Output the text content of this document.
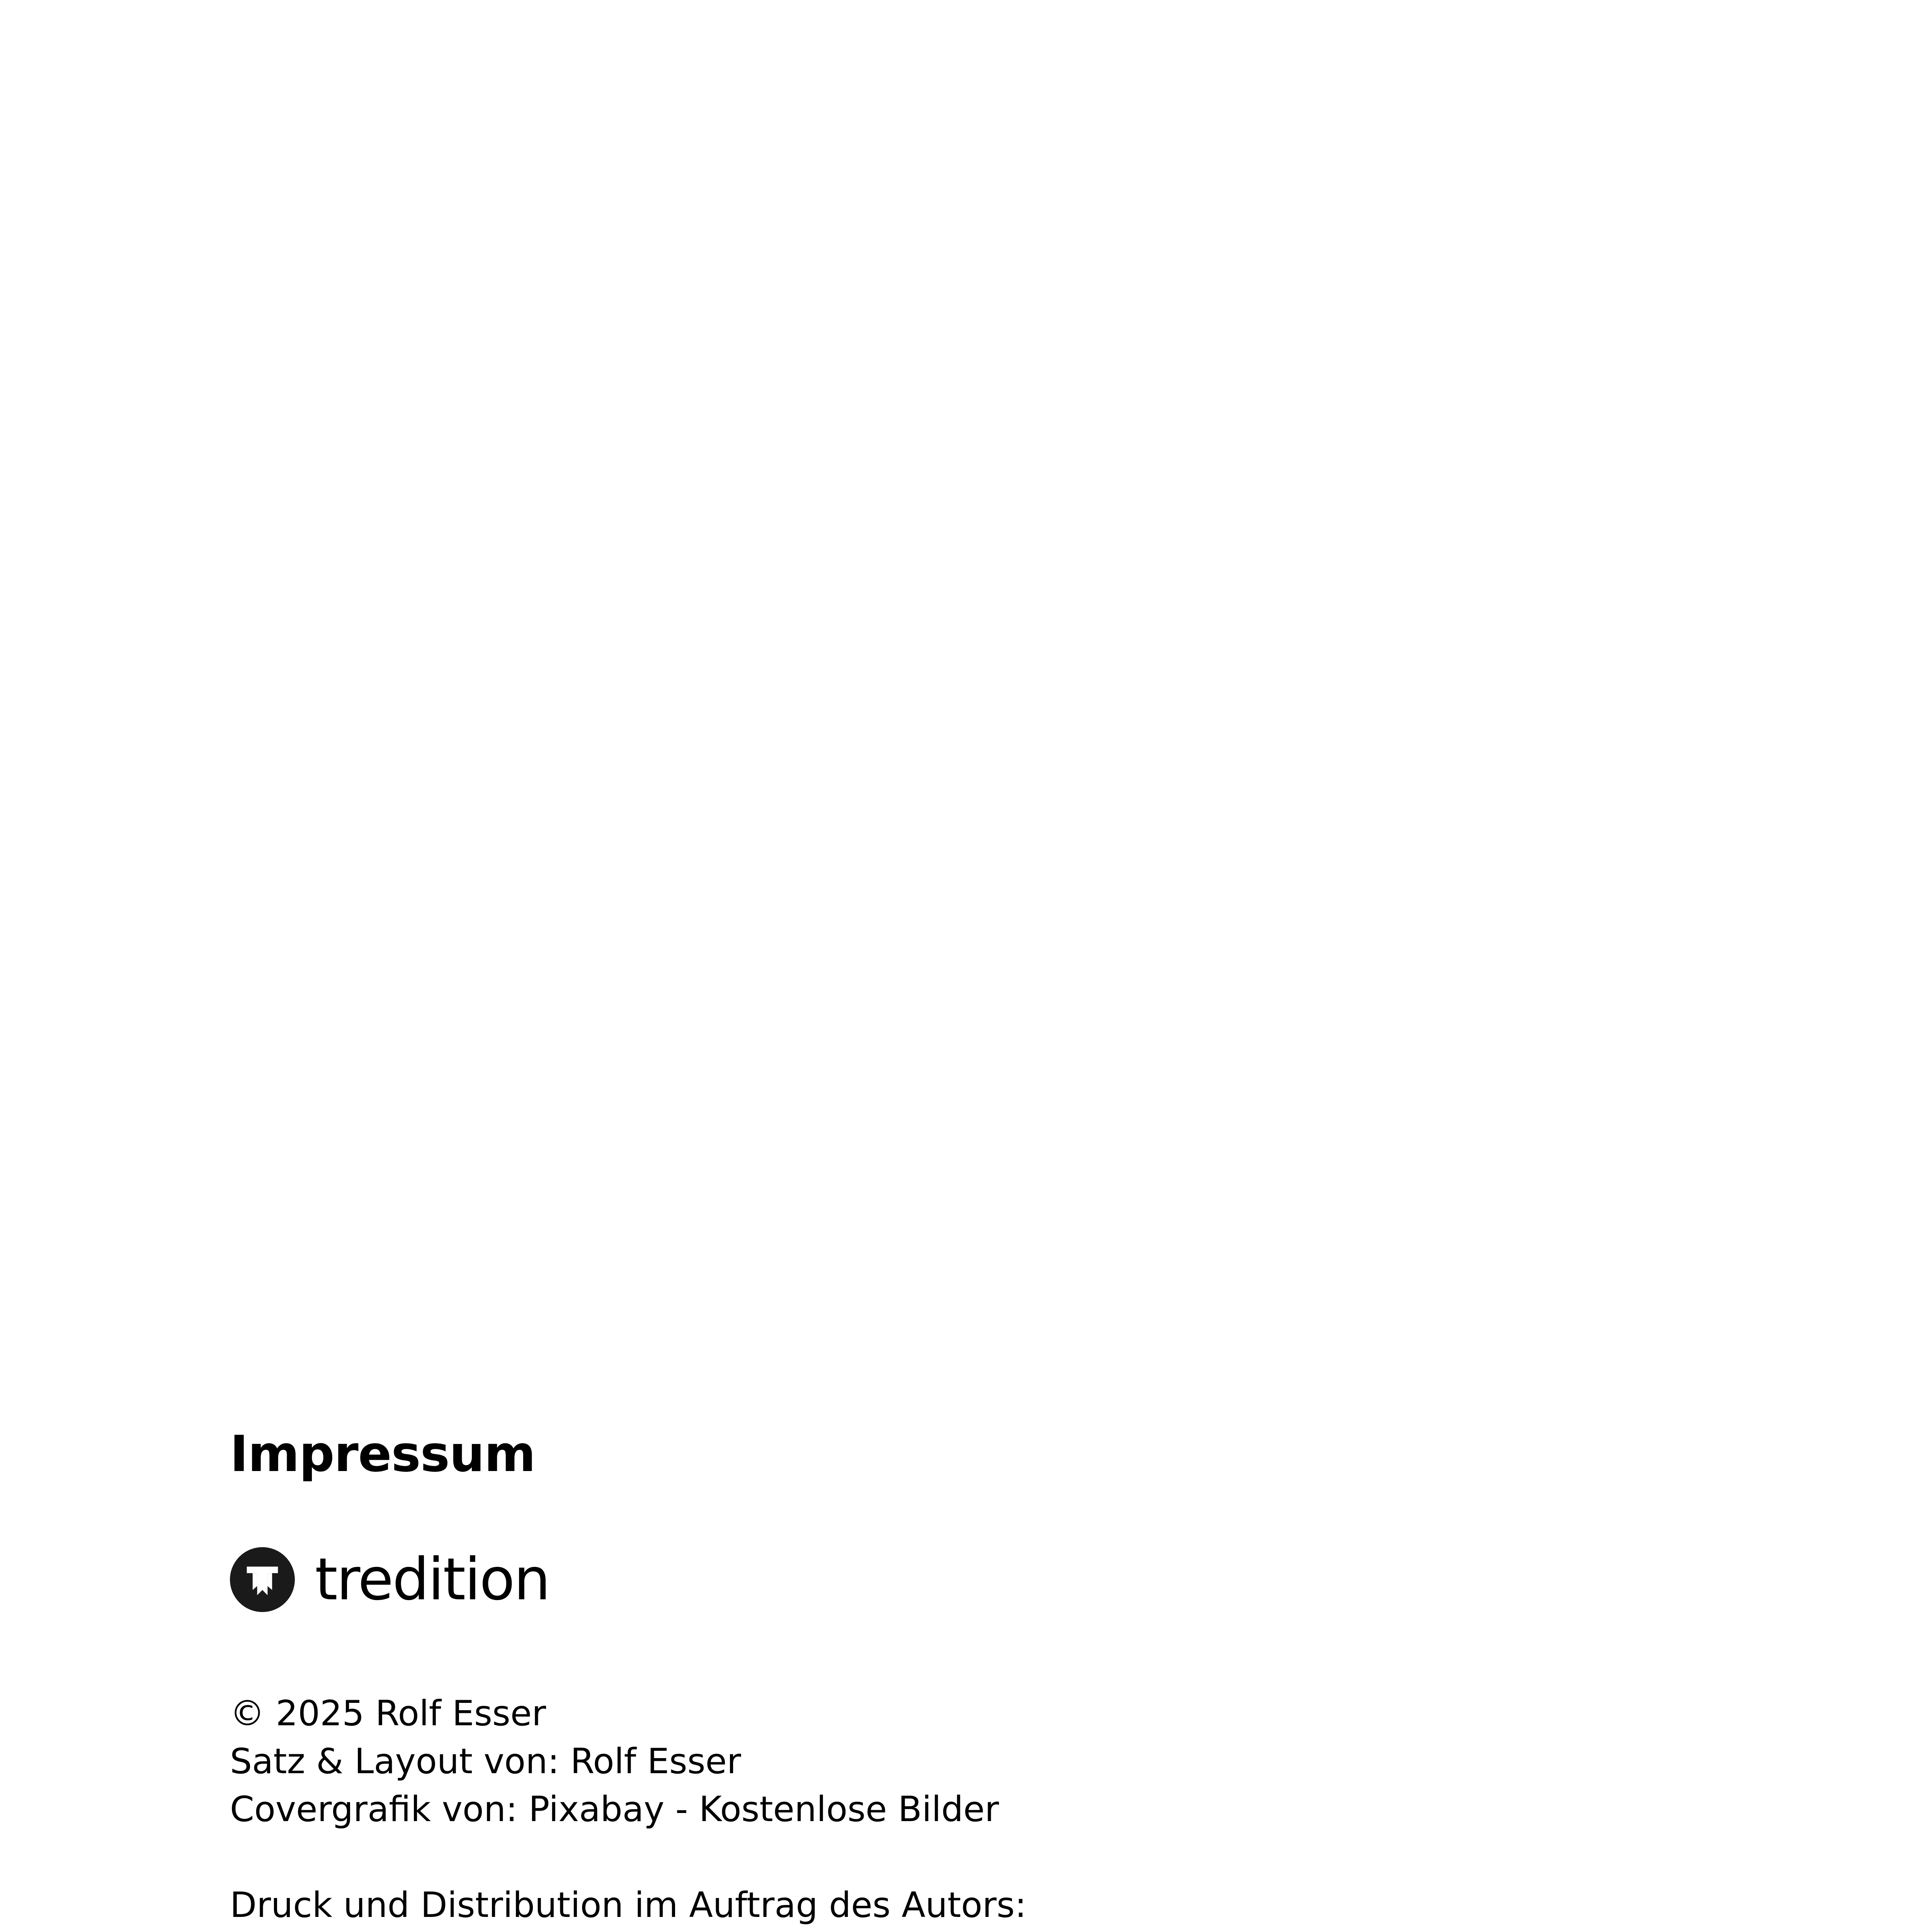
Impressum
tredition

© 2025 Rolf Esser

Satz & Layout von: Rolf Esser

Covergrafik von: Pixabay - Kostenlose Bilder

Druck und Distribution im Auftrag des Autors:
